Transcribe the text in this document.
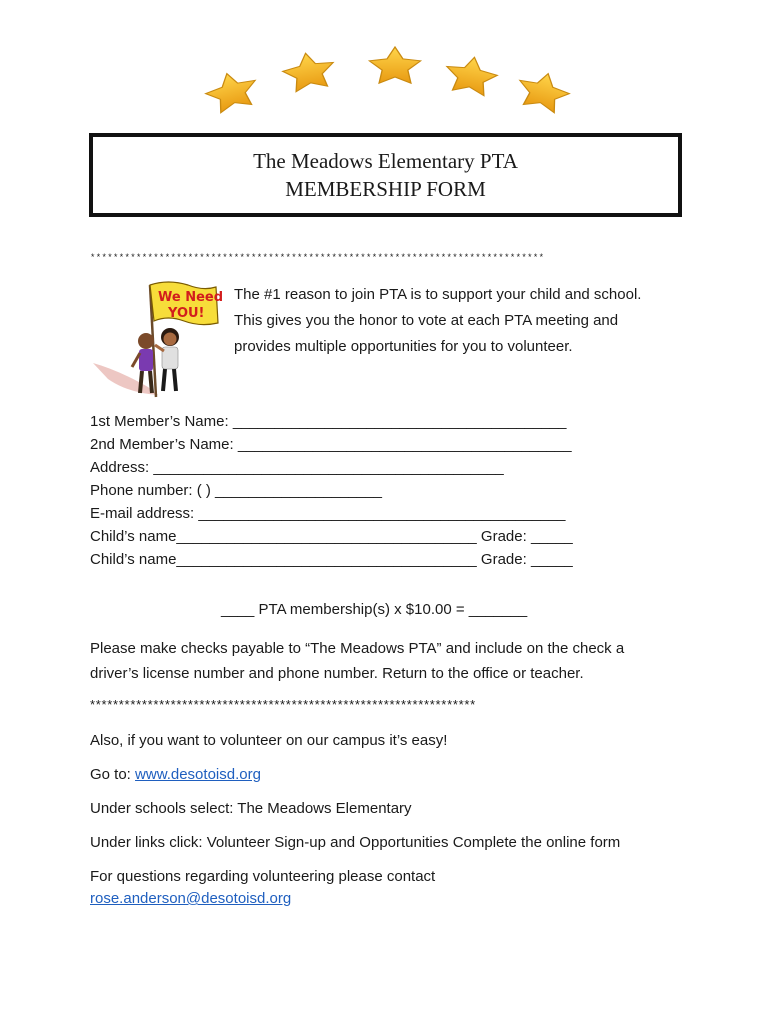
The Meadows Elementary PTA
MEMBERSHIP FORM
*******************************************************************************
We Need
YOU!
The #1 reason to join PTA is to support your child and school.
This gives you the honor to vote at each PTA meeting and
provides multiple opportunities for you to volunteer.
1st Member’s Name: ________________________________________
2nd Member’s Name: ________________________________________
Address: __________________________________________
Phone number: ( ) ____________________
E-mail address: ____________________________________________
Child’s name____________________________________ Grade: _____
Child’s name____________________________________ Grade: _____
____ PTA membership(s) x $10.00 = _______
Please make checks payable to “The Meadows PTA” and include on the check a
driver’s license number and phone number. Return to the office or teacher.
*******************************************************************

Also, if you want to volunteer on our campus it’s easy!

Go to: www.desotoisd.org

Under schools select: The Meadows Elementary

Under links click: Volunteer Sign-up and Opportunities Complete the online form

For questions regarding volunteering please contact

rose.anderson@desotoisd.org
